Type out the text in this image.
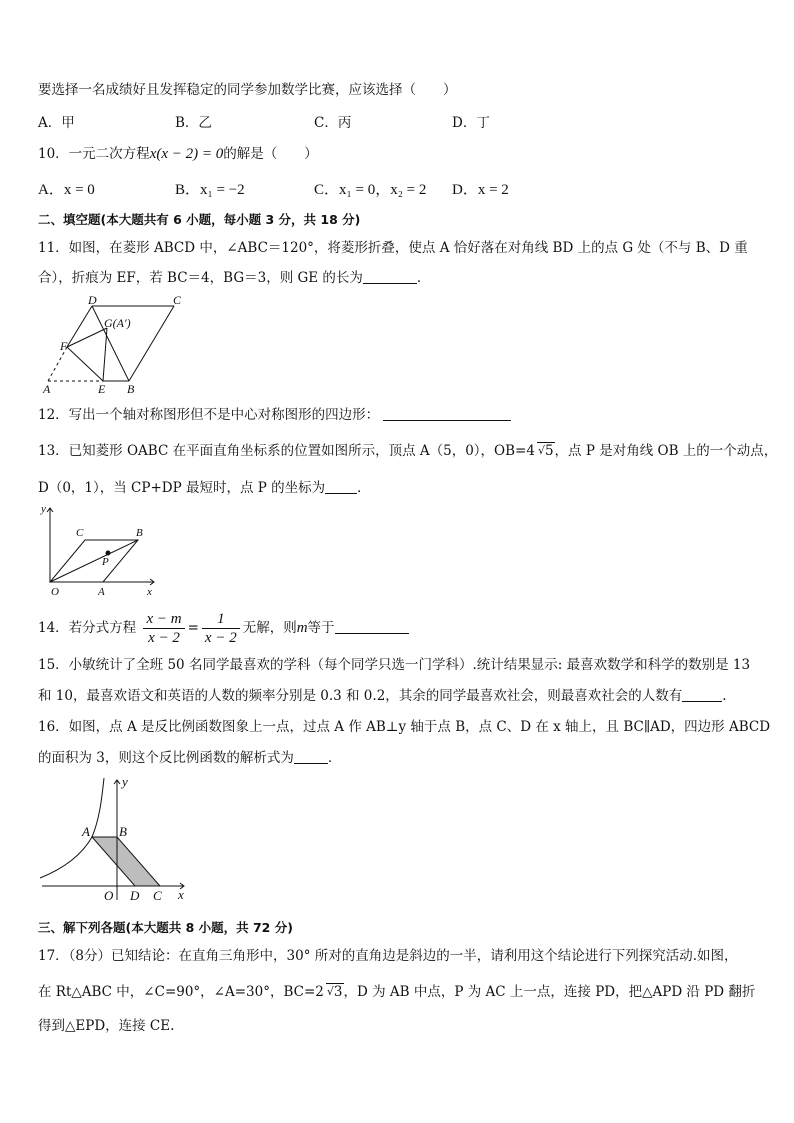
要选择一名成绩好且发挥稳定的同学参加数学比赛，应该选择（　　）
A．甲	B．乙	C．丙	D．丁
10．一元二次方程x(x − 2) = 0的解是（　　）
A．x = 0	B．x₁ = −2	C．x₁ = 0，x₂ = 2 D．x = 2
二、填空题(本大题共有 6 小题，每小题 3 分，共 18 分)
11．如图，在菱形 ABCD 中，∠ABC＝120°，将菱形折叠，使点 A 恰好落在对角线 BD 上的点 G 处（不与 B、D 重
合），折痕为 EF，若 BC＝4，BG＝3，则 GE 的长为	．
D	C
G(A′)
F
A	E B
12．写出一个轴对称图形但不是中心对称图形的四边形：
13．已知菱形 OABC 在平面直角坐标系的位置如图所示，顶点 A（5，0），OB=4 √5，点 P 是对角线 OB 上的一个动点，
D（0，1），当 CP+DP 最短时，点 P 的坐标为 ．
y
x
O	A
B
C
P
14．若分式方程 $\frac{x - m}{x - 2} = \frac{1}{x - 2}$ 无解，则m等于
15．小敏统计了全班 50 名同学最喜欢的学科（每个同学只选一门学科）.统计结果显示: 最喜欢数学和科学的数别是 13
和 10，最喜欢语文和英语的人数的频率分别是 0.3 和 0.2，其余的同学最喜欢社会，则最喜欢社会的人数有	.
16．如图，点 A 是反比例函数图象上一点，过点 A 作 AB⊥y 轴于点 B，点 C、D 在 x 轴上，且 BC∥AD，四边形 ABCD
的面积为 3，则这个反比例函数的解析式为	．
y
x
O
A B
C
D
三、解下列各题(本大题共 8 小题，共 72 分)
17．（8分）已知结论：在直角三角形中，30° 所对的直角边是斜边的一半，请利用这个结论进行下列探究活动.如图，
在 Rt△ABC 中，∠C=90°，∠A=30°，BC=2 √3，D 为 AB 中点，P 为 AC 上一点，连接 PD，把△APD 沿 PD 翻折
得到△EPD，连接 CE.
